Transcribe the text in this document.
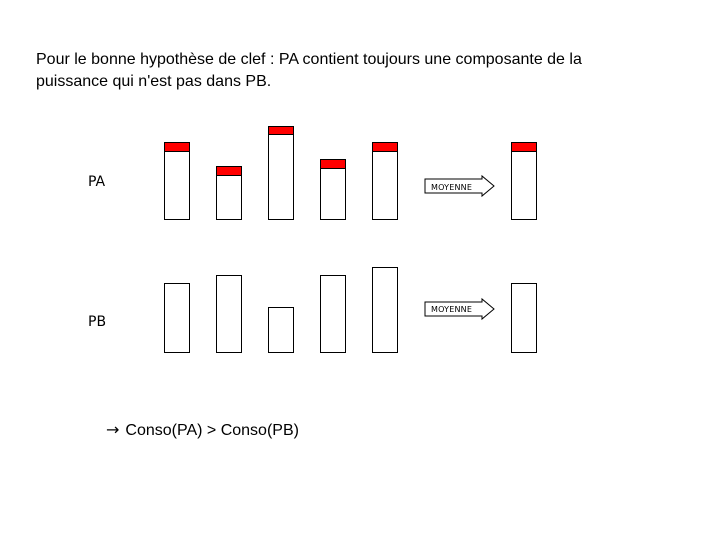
Pour le bonne hypothèse de clef : PA contient toujours une composante de la
puissance qui n'est pas dans PB.
PA	MOYENNE
PB
MOYENNE
→ Conso(PA) > Conso(PB)
